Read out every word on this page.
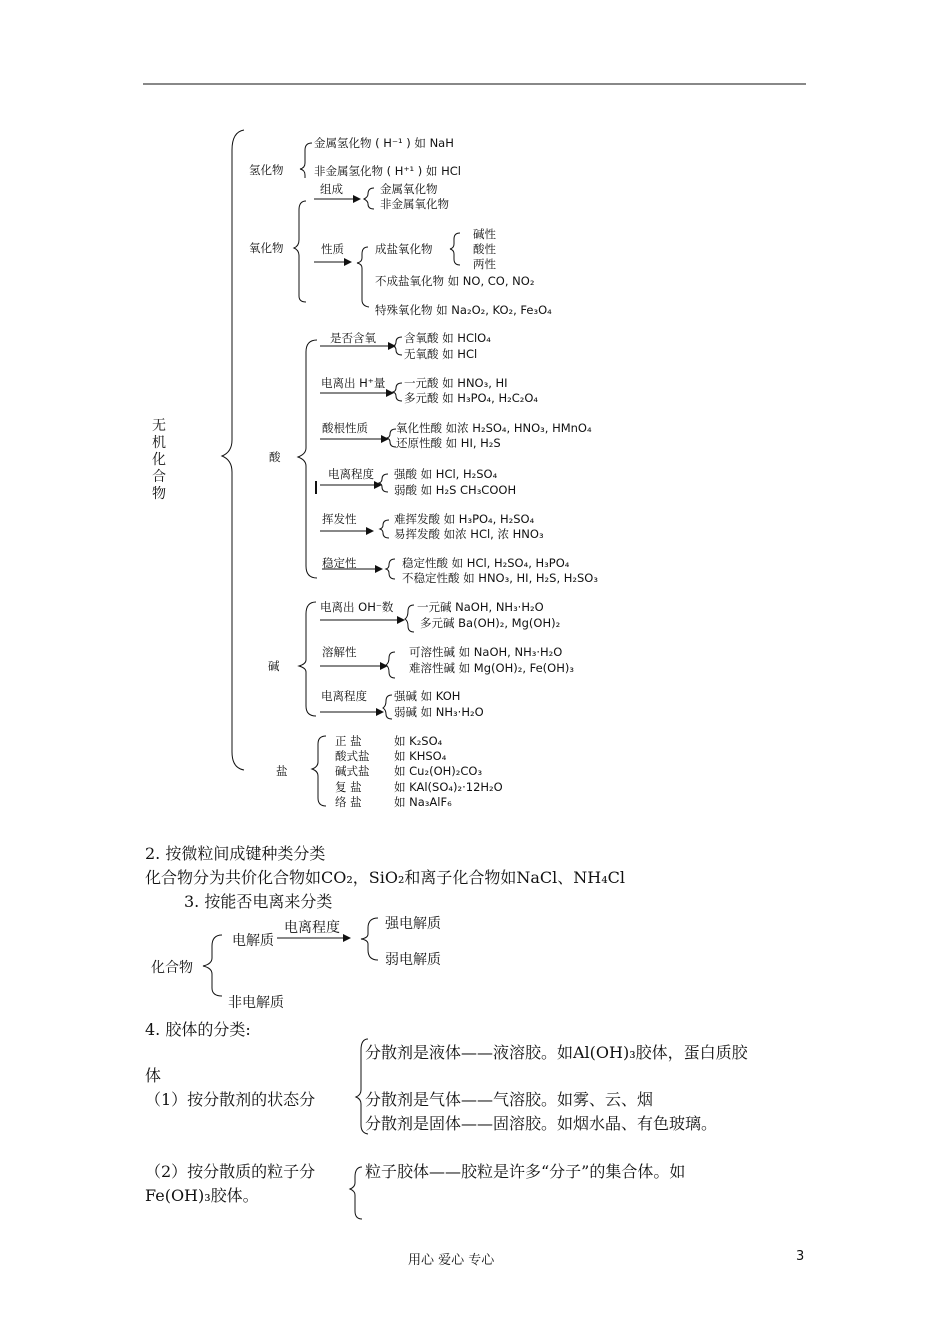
无机化合物
氢化物
金属氢化物 ( H⁻¹ ) 如 NaH
非金属氢化物 ( H⁺¹ ) 如 HCl
氧化物
组成	金属氧化物
非金属氧化物
性质	成盐氧化物
碱性
酸性
两性
不成盐氧化物 如 NO, CO, NO₂
特殊氧化物 如 Na₂O₂, KO₂, Fe₃O₄
酸
是否含氧 含氧酸 如 HClO₄
无氧酸 如 HCl
电离出 H⁺量 一元酸 如 HNO₃, HI
多元酸 如 H₃PO₄, H₂C₂O₄
酸根性质 氧化性酸 如浓 H₂SO₄, HNO₃, HMnO₄
还原性酸 如 HI, H₂S
电离程度 强酸 如 HCl, H₂SO₄
弱酸 如 H₂S CH₃COOH
挥发性	难挥发酸 如 H₃PO₄, H₂SO₄
易挥发酸 如浓 HCl, 浓 HNO₃
稳定性	稳定性酸 如 HCl, H₂SO₄, H₃PO₄
不稳定性酸 如 HNO₃, HI, H₂S, H₂SO₃
碱
电离出 OH⁻数 一元碱 NaOH, NH₃·H₂O
多元碱 Ba(OH)₂, Mg(OH)₂
溶解性	可溶性碱 如 NaOH, NH₃·H₂O
难溶性碱 如 Mg(OH)₂, Fe(OH)₃
电离程度 强碱 如 KOH
弱碱 如 NH₃·H₂O
盐
正 盐	如 K₂SO₄
酸式盐 如 KHSO₄
碱式盐 如 Cu₂(OH)₂CO₃
复 盐	如 KAl(SO₄)₂·12H₂O
络 盐	如 Na₃AlF₆
2. 按微粒间成键种类分类
化合物分为共价化合物如CO₂，SiO₂和离子化合物如NaCl、NH₄Cl
3. 按能否电离来分类
化合物
电解质
电离程度	强电解质
弱电解质
非电解质
4. 胶体的分类:
分散剂是液体——液溶胶。如Al(OH)₃胶体，蛋白质胶
体
（1）按分散剂的状态分	分散剂是气体——气溶胶。如雾、云、烟
分散剂是固体——固溶胶。如烟水晶、有色玻璃。
（2）按分散质的粒子分	粒子胶体——胶粒是许多“分子”的集合体。如
Fe(OH)₃胶体。
用心 爱心 专心	3
